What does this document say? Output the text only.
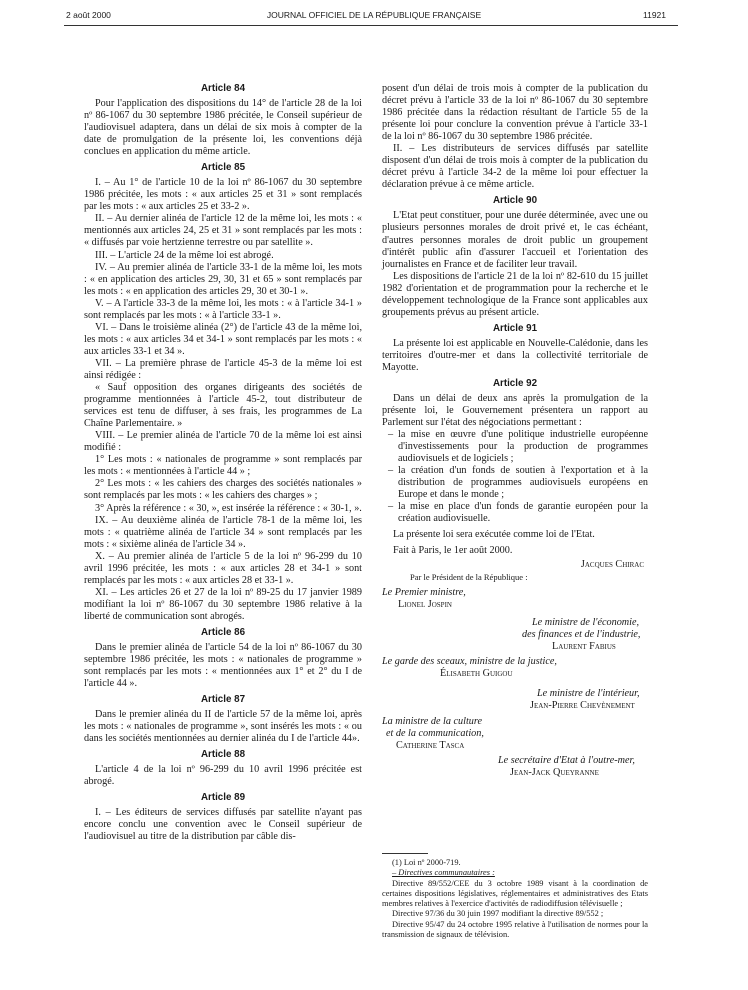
2 août 2000	JOURNAL OFFICIEL DE LA RÉPUBLIQUE FRANÇAISE	11921
Article 84

Pour l'application des dispositions du 14° de l'article 28 de la loi nº 86-1067 du 30 septembre 1986 précitée, le Conseil supérieur de l'audiovisuel adaptera, dans un délai de six mois à compter de la date de promulgation de la présente loi, les conventions déjà conclues en application du même article.

Article 85

I. – Au 1° de l'article 10 de la loi nº 86-1067 du 30 septembre 1986 précitée, les mots : « aux articles 25 et 31 » sont remplacés par les mots : « aux articles 25 et 33-2 ».

II. – Au dernier alinéa de l'article 12 de la même loi, les mots : « mentionnés aux articles 24, 25 et 31 » sont remplacés par les mots : « diffusés par voie hertzienne terrestre ou par satellite ».

III. – L'article 24 de la même loi est abrogé.

IV. – Au premier alinéa de l'article 33-1 de la même loi, les mots : « en application des articles 29, 30, 31 et 65 » sont remplacés par les mots : « en application des articles 29, 30 et 30-1 ».

V. – A l'article 33-3 de la même loi, les mots : « à l'article 34-1 » sont remplacés par les mots : « à l'article 33-1 ».

VI. – Dans le troisième alinéa (2°) de l'article 43 de la même loi, les mots : « aux articles 34 et 34-1 » sont remplacés par les mots : « aux articles 33-1 et 34 ».

VII. – La première phrase de l'article 45-3 de la même loi est ainsi rédigée :

« Sauf opposition des organes dirigeants des sociétés de programme mentionnées à l'article 45-2, tout distributeur de services est tenu de diffuser, à ses frais, les programmes de La Chaîne Parlementaire. »

VIII. – Le premier alinéa de l'article 70 de la même loi est ainsi modifié :

1° Les mots : « nationales de programme » sont remplacés par les mots : « mentionnées à l'article 44 » ;

2° Les mots : « les cahiers des charges des sociétés nationales » sont remplacés par les mots : « les cahiers des charges » ;

3° Après la référence : « 30, », est insérée la référence : « 30-1, ».

IX. – Au deuxième alinéa de l'article 78-1 de la même loi, les mots : « quatrième alinéa de l'article 34 » sont remplacés par les mots : « sixième alinéa de l'article 34 ».

X. – Au premier alinéa de l'article 5 de la loi nº 96-299 du 10 avril 1996 précitée, les mots : « aux articles 28 et 34-1 » sont remplacés par les mots : « aux articles 28 et 33-1 ».

XI. – Les articles 26 et 27 de la loi nº 89-25 du 17 janvier 1989 modifiant la loi nº 86-1067 du 30 septembre 1986 relative à la liberté de communication sont abrogés.

Article 86

Dans le premier alinéa de l'article 54 de la loi nº 86-1067 du 30 septembre 1986 précitée, les mots : « nationales de programme » sont remplacés par les mots : « mentionnées aux 1° et 2° du I de l'article 44 ».

Article 87

Dans le premier alinéa du II de l'article 57 de la même loi, après les mots : « nationales de programme », sont insérés les mots : « ou dans les sociétés mentionnées au dernier alinéa du I de l'article 44».

Article 88

L'article 4 de la loi nº 96-299 du 10 avril 1996 précitée est abrogé.

Article 89

I. – Les éditeurs de services diffusés par satellite n'ayant pas encore conclu une convention avec le Conseil supérieur de l'audiovisuel au titre de la distribution par câble dis-

posent d'un délai de trois mois à compter de la publication du décret prévu à l'article 33 de la loi nº 86-1067 du 30 septembre 1986 précitée dans la rédaction résultant de l'article 55 de la présente loi pour conclure la convention prévue à l'article 33-1 de la loi nº 86-1067 du 30 septembre 1986 précitée.

II. – Les distributeurs de services diffusés par satellite disposent d'un délai de trois mois à compter de la publication du décret prévu à l'article 34-2 de la même loi pour effectuer la déclaration prévue à ce même article.

Article 90

L'Etat peut constituer, pour une durée déterminée, avec une ou plusieurs personnes morales de droit privé et, le cas échéant, d'autres personnes morales de droit public un groupement d'intérêt public afin d'assurer l'accueil et l'orientation des journalistes en France et de faciliter leur travail.

Les dispositions de l'article 21 de la loi nº 82-610 du 15 juillet 1982 d'orientation et de programmation pour la recherche et le développement technologique de la France sont applicables aux groupements prévus au présent article.

Article 91

La présente loi est applicable en Nouvelle-Calédonie, dans les territoires d'outre-mer et dans la collectivité territoriale de Mayotte.

Article 92

Dans un délai de deux ans après la promulgation de la présente loi, le Gouvernement présentera un rapport au Parlement sur l'état des négociations permettant :

– la mise en œuvre d'une politique industrielle européenne d'investissements pour la production de programmes audiovisuels et de logiciels ;
– la création d'un fonds de soutien à l'exportation et à la distribution de programmes audiovisuels européens en Europe et dans le monde ;
– la mise en place d'un fonds de garantie européen pour la création audiovisuelle.

La présente loi sera exécutée comme loi de l'Etat.

Fait à Paris, le 1er août 2000.

Jacques Chirac
Par le Président de la République :
Le Premier ministre,
Lionel Jospin
Le ministre de l'économie,
des finances et de l'industrie,
Laurent Fabius
Le garde des sceaux, ministre de la justice,
Élisabeth Guigou
Le ministre de l'intérieur,
Jean-Pierre Chevènement
La ministre de la culture
et de la communication,
Catherine Tasca
Le secrétaire d'Etat à l'outre-mer,
Jean-Jack Queyranne

(1) Loi nº 2000-719.

– Directives communautaires :

Directive 89/552/CEE du 3 octobre 1989 visant à la coordination de certaines dispositions législatives, réglementaires et administratives des Etats membres relatives à l'exercice d'activités de radiodiffusion télévisuelle ;

Directive 97/36 du 30 juin 1997 modifiant la directive 89/552 ;

Directive 95/47 du 24 octobre 1995 relative à l'utilisation de normes pour la transmission de signaux de télévision.
